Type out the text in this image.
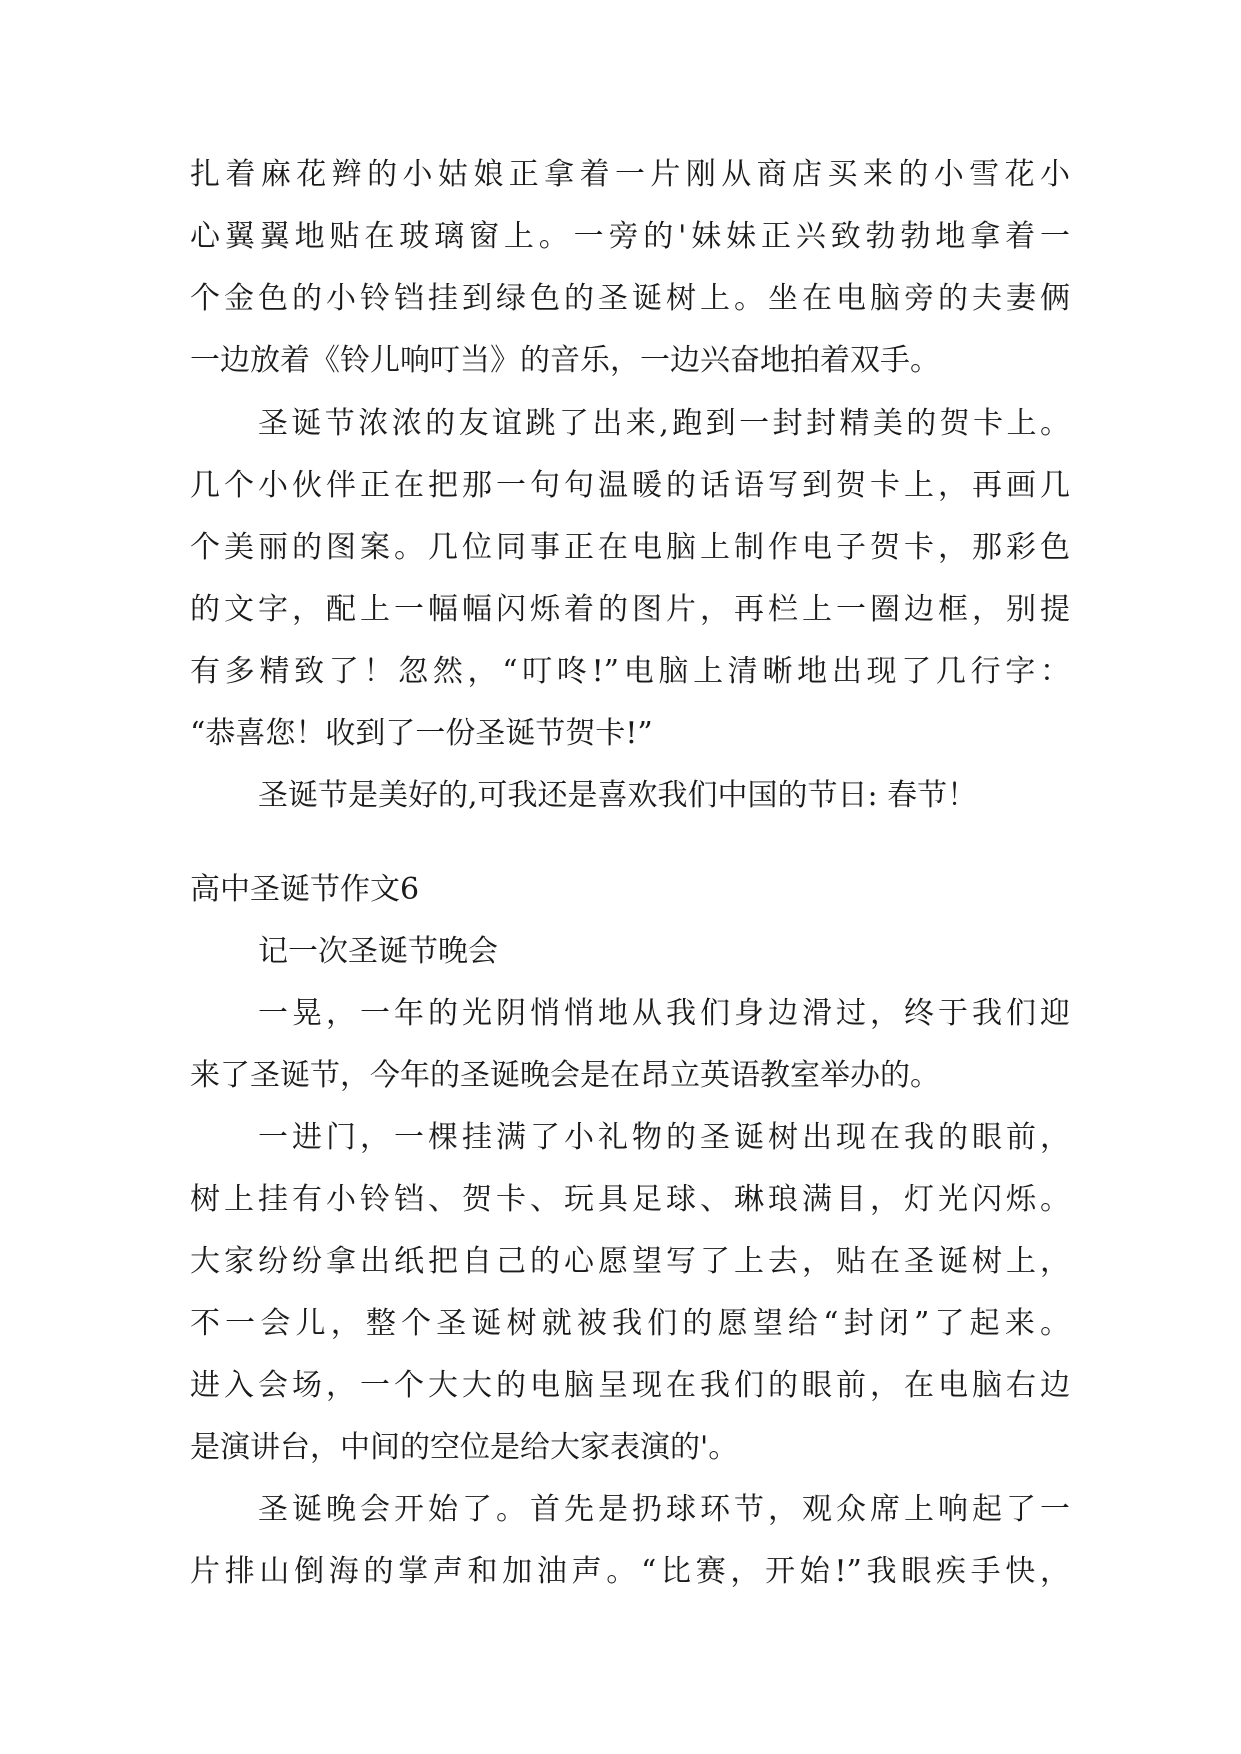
扎着麻花辫的小姑娘正拿着一片刚从商店买来的小雪花小
心翼翼地贴在玻璃窗上。一旁的'妹妹正兴致勃勃地拿着一
个金色的小铃铛挂到绿色的圣诞树上。坐在电脑旁的夫妻俩
一边放着《铃儿响叮当》的音乐，一边兴奋地拍着双手。
圣诞节浓浓的友谊跳了出来,跑到一封封精美的贺卡上。
几个小伙伴正在把那一句句温暖的话语写到贺卡上，再画几
个美丽的图案。几位同事正在电脑上制作电子贺卡，那彩色
的文字，配上一幅幅闪烁着的图片，再栏上一圈边框，别提
有多精致了！忽然，“叮咚!”电脑上清晰地出现了几行字：
“恭喜您！收到了一份圣诞节贺卡!”
圣诞节是美好的,可我还是喜欢我们中国的节日: 春节！
高中圣诞节作文6
记一次圣诞节晚会
一晃，一年的光阴悄悄地从我们身边滑过，终于我们迎
来了圣诞节，今年的圣诞晚会是在昂立英语教室举办的。
一进门，一棵挂满了小礼物的圣诞树出现在我的眼前，
树上挂有小铃铛、贺卡、玩具足球、琳琅满目，灯光闪烁。
大家纷纷拿出纸把自己的心愿望写了上去，贴在圣诞树上，
不一会儿，整个圣诞树就被我们的愿望给“封闭”了起来。
进入会场，一个大大的电脑呈现在我们的眼前，在电脑右边
是演讲台，中间的空位是给大家表演的'。
圣诞晚会开始了。首先是扔球环节，观众席上响起了一
片排山倒海的掌声和加油声。“比赛，开始!”我眼疾手快，
